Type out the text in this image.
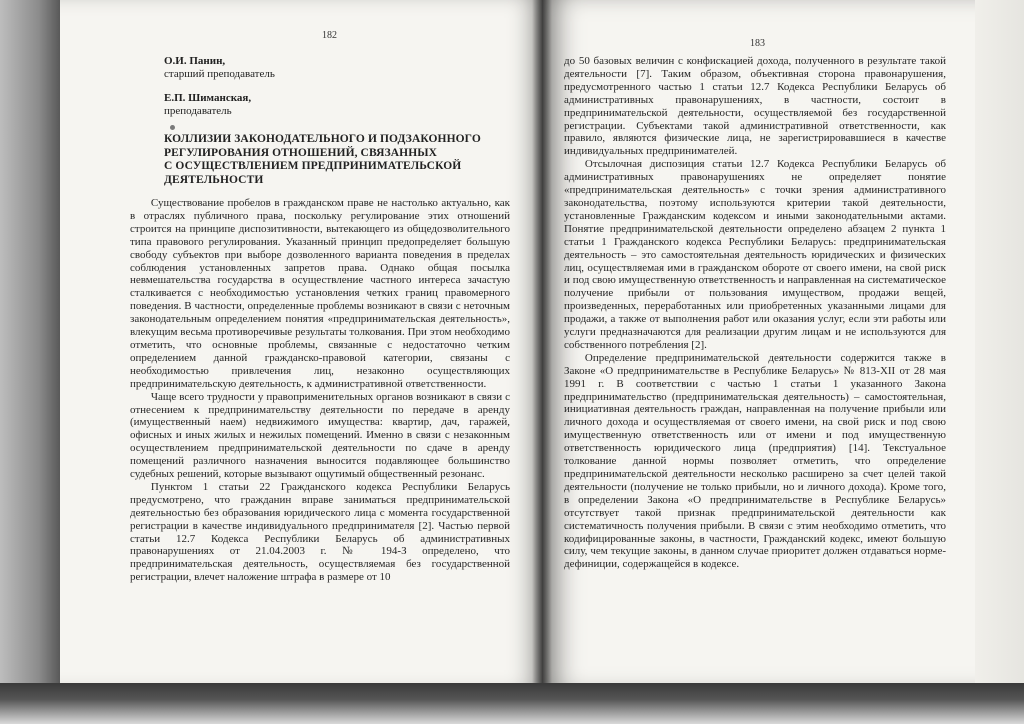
182
О.И. Панин,
старший преподаватель
Е.П. Шиманская,
преподаватель
КОЛЛИЗИИ ЗАКОНОДАТЕЛЬНОГО И ПОДЗАКОННОГО
РЕГУЛИРОВАНИЯ ОТНОШЕНИЙ, СВЯЗАННЫХ
С ОСУЩЕСТВЛЕНИЕМ ПРЕДПРИНИМАТЕЛЬСКОЙ
ДЕЯТЕЛЬНОСТИ

Существование пробелов в гражданском праве не настолько актуально, как в отраслях публичного права, поскольку регулирование этих отношений строится на принципе диспозитивности, вытекающего из общедозволительного типа правового регулирования. Указанный принцип предопределяет большую свободу субъектов при выборе дозволенного варианта поведения в пределах соблюдения установленных запретов права. Однако общая посылка невмешательства государства в осуществление частного интереса зачастую сталкивается с необходимостью установления четких границ правомерного поведения. В частности, определенные проблемы возникают в связи с неточным законодательным определением понятия «предпринимательская деятельность», влекущим весьма противоречивые результаты толкования. При этом необходимо отметить, что основные проблемы, связанные с недостаточно четким определением данной гражданско-правовой категории, связаны с необходимостью привлечения лиц, незаконно осуществляющих предпринимательскую деятельность, к административной ответственности.

Чаще всего трудности у правоприменительных органов возникают в связи с отнесением к предпринимательству деятельности по передаче в аренду (имущественный наем) недвижимого имущества: квартир, дач, гаражей, офисных и иных жилых и нежилых помещений. Именно в связи с незаконным осуществлением предпринимательской деятельности по сдаче в аренду помещений различного назначения выносится подавляющее большинство судебных решений, которые вызывают ощутимый общественный резонанс.

Пунктом 1 статьи 22 Гражданского кодекса Республики Беларусь предусмотрено, что гражданин вправе заниматься предпринимательской деятельностью без образования юридического лица с момента государственной регистрации в качестве индивидуального предпринимателя [2]. Частью первой статьи 12.7 Кодекса Республики Беларусь об административных правонарушениях от 21.04.2003 г. № 194-З определено, что предпринимательская деятельность, осуществляемая без государственной регистрации, влечет наложение штрафа в размере от 10

183

до 50 базовых величин с конфискацией дохода, полученного в результате такой деятельности [7]. Таким образом, объективная сторона правонарушения, предусмотренного частью 1 статьи 12.7 Кодекса Республики Беларусь об административных правонарушениях, в частности, состоит в предпринимательской деятельности, осуществляемой без государственной регистрации. Субъектами такой административной ответственности, как правило, являются физические лица, не зарегистрировавшиеся в качестве индивидуальных предпринимателей.

Отсылочная диспозиция статьи 12.7 Кодекса Республики Беларусь об административных правонарушениях не определяет понятие «предпринимательская деятельность» с точки зрения административного законодательства, поэтому используются критерии такой деятельности, установленные Гражданским кодексом и иными законодательными актами. Понятие предпринимательской деятельности определено абзацем 2 пункта 1 статьи 1 Гражданского кодекса Республики Беларусь: предпринимательская деятельность – это самостоятельная деятельность юридических и физических лиц, осуществляемая ими в гражданском обороте от своего имени, на свой риск и под свою имущественную ответственность и направленная на систематическое получение прибыли от пользования имуществом, продажи вещей, произведенных, переработанных или приобретенных указанными лицами для продажи, а также от выполнения работ или оказания услуг, если эти работы или услуги предназначаются для реализации другим лицам и не используются для собственного потребления [2].

Определение предпринимательской деятельности содержится также в Законе «О предпринимательстве в Республике Беларусь» № 813-XII от 28 мая 1991 г. В соответствии с частью 1 статьи 1 указанного Закона предпринимательство (предпринимательская деятельность) – самостоятельная, инициативная деятельность граждан, направленная на получение прибыли или личного дохода и осуществляемая от своего имени, на свой риск и под свою имущественную ответственность или от имени и под имущественную ответственность юридического лица (предприятия) [14]. Текстуальное толкование данной нормы позволяет отметить, что определение предпринимательской деятельности несколько расширено за счет целей такой деятельности (получение не только прибыли, но и личного дохода). Кроме того, в определении Закона «О предпринимательстве в Республике Беларусь» отсутствует такой признак предпринимательской деятельности как систематичность получения прибыли. В связи с этим необходимо отметить, что кодифицированные законы, в частности, Гражданский кодекс, имеют большую силу, чем текущие законы, в данном случае приоритет должен отдаваться норме-дефиниции, содержащейся в кодексе.
